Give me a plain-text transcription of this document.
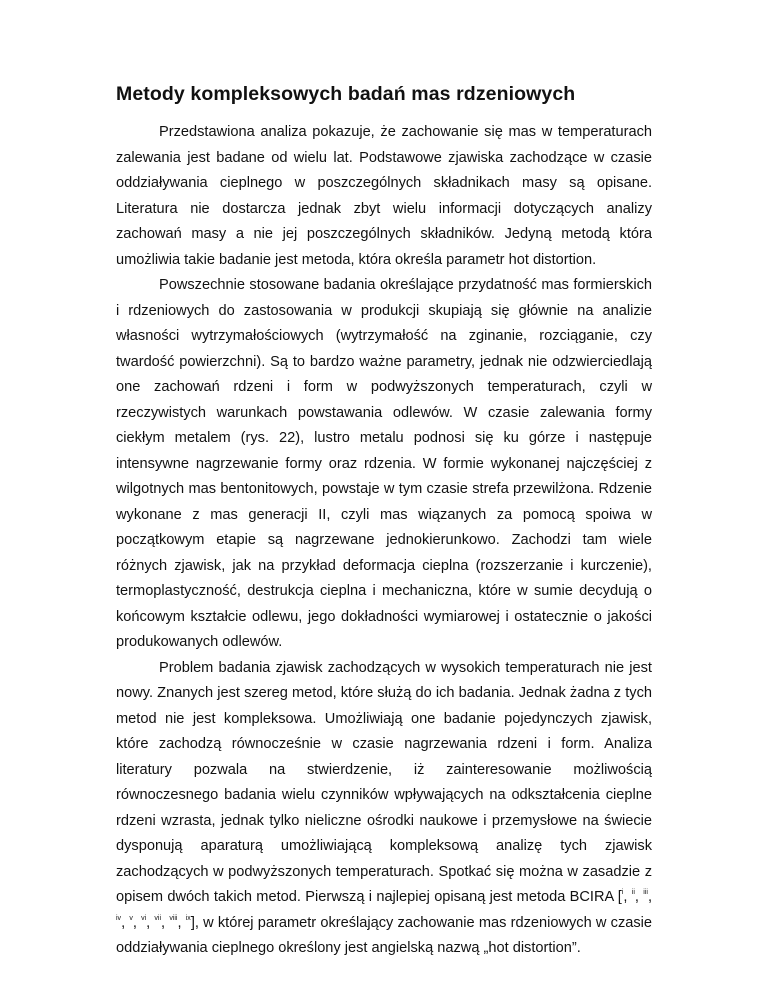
Metody kompleksowych badań mas rdzeniowych

Przedstawiona analiza pokazuje, że zachowanie się mas w temperaturach zalewania jest badane od wielu lat. Podstawowe zjawiska zachodzące w czasie oddziaływania cieplnego w poszczególnych składnikach masy są opisane. Literatura nie dostarcza jednak zbyt wielu informacji dotyczących analizy zachowań masy a nie jej poszczególnych składników. Jedyną metodą która umożliwia takie badanie jest metoda, która określa parametr hot distortion.

Powszechnie stosowane badania określające przydatność mas formierskich i rdzeniowych do zastosowania w produkcji skupiają się głównie na analizie własności wytrzymałościowych (wytrzymałość na zginanie, rozciąganie, czy twardość powierzchni). Są to bardzo ważne parametry, jednak nie odzwierciedlają one zachowań rdzeni i form w podwyższonych temperaturach, czyli w rzeczywistych warunkach powstawania odlewów. W czasie zalewania formy ciekłym metalem (rys. 22), lustro metalu podnosi się ku górze i następuje intensywne nagrzewanie formy oraz rdzenia. W formie wykonanej najczęściej z wilgotnych mas bentonitowych, powstaje w tym czasie strefa przewilżona. Rdzenie wykonane z mas generacji II, czyli mas wiązanych za pomocą spoiwa w początkowym etapie są nagrzewane jednokierunkowo. Zachodzi tam wiele różnych zjawisk, jak na przykład deformacja cieplna (rozszerzanie i kurczenie), termoplastyczność, destrukcja cieplna i mechaniczna, które w sumie decydują o końcowym kształcie odlewu, jego dokładności wymiarowej i ostatecznie o jakości produkowanych odlewów.

Problem badania zjawisk zachodzących w wysokich temperaturach nie jest nowy. Znanych jest szereg metod, które służą do ich badania. Jednak żadna z tych metod nie jest kompleksowa. Umożliwiają one badanie pojedynczych zjawisk, które zachodzą równocześnie w czasie nagrzewania rdzeni i form. Analiza literatury pozwala na stwierdzenie, iż zainteresowanie możliwością równoczesnego badania wielu czynników wpływających na odkształcenia cieplne rdzeni wzrasta, jednak tylko nieliczne ośrodki naukowe i przemysłowe na świecie dysponują aparaturą umożliwiającą kompleksową analizę tych zjawisk zachodzących w podwyższonych temperaturach. Spotkać się można w zasadzie z opisem dwóch takich metod. Pierwszą i najlepiej opisaną jest metoda BCIRA [$^i$, $^{ii}$, $^{iii}$, $^{iv}$, $^v$, $^{vi}$, $^{vii}$, $^{viii}$, $^{ix}$], w której parametr określający zachowanie mas rdzeniowych w czasie oddziaływania cieplnego określony jest angielską nazwą „hot distortion”.
